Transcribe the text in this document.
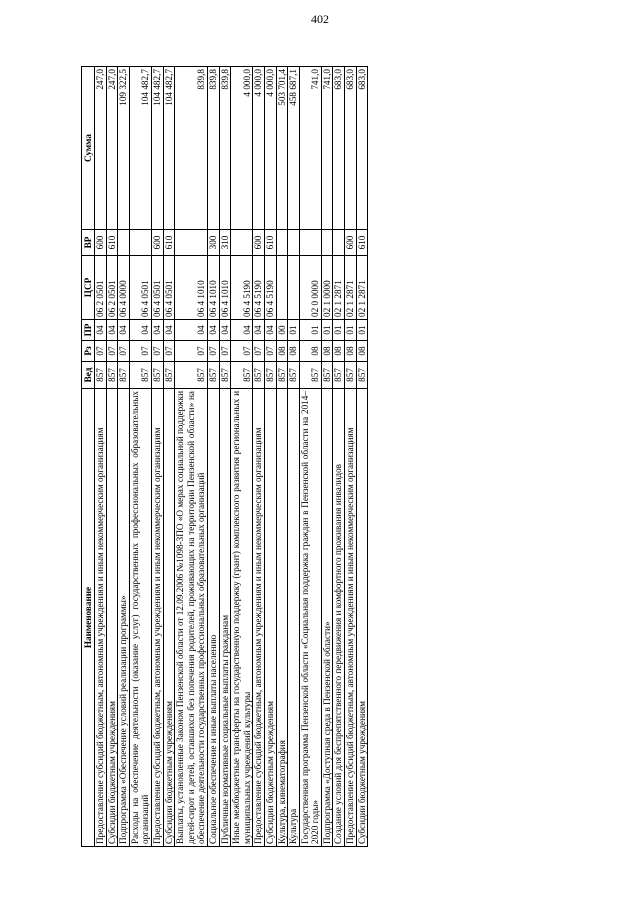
402
Наименование	Вед	Рз	ПР	ЦСР	ВР	Сумма
Предоставление субсидий бюджетным, автономным учреждениям и иным некоммерческим организациям	857	07	04	06 2 0501	600	247,0
Субсидии бюджетным учреждениям	857	07	04	06 2 0501	610	247,0
Подпрограмма «Обеспечение условий реализации программы»	857	07	04	06 4 0000		109 322,5
Расходы на обеспечение деятельности (оказание услуг) государственных профессиональных образовательных организаций	857	07	04	06 4 0501		104 482,7
Предоставление субсидий бюджетным, автономным учреждениям и иным некоммерческим организациям	857	07	04	06 4 0501	600	104 482,7
Субсидии бюджетным учреждениям	857	07	04	06 4 0501	610	104 482,7
Выплаты, установленные Законом Пензенской области от 12.09.2006 №1098-ЗПО «О мерах социальной поддержки детей-сирот и детей, оставшихся без попечения родителей, проживающих на территории Пензенской области» на обеспечение деятельности государственных профессиональных образовательных организаций	857	07	04	06 4 1010		839,8
Социальное обеспечение и иные выплаты населению	857	07	04	06 4 1010	300	839,8
Публичные нормативные социальные выплаты гражданам	857	07	04	06 4 1010	310	839,8
Иные межбюджетные трансферты на государственную поддержку (грант) комплексного развития региональных и муниципальных учреждений культуры	857	07	04	06 4 5190		4 000,0
Предоставление субсидий бюджетным, автономным учреждениям и иным некоммерческим организациям	857	07	04	06 4 5190	600	4 000,0
Субсидии бюджетным учреждениям	857	07	04	06 4 5190	610	4 000,0
Культура, кинематография	857	08	00			503 701,4
Культура	857	08	01			458 687,1
Государственная программа Пензенской области «Социальная поддержка граждан в Пензенской области на 2014–2020 годы»	857	08	01	02 0 0000		741,0
Подпрограмма «Доступная среда в Пензенской области»	857	08	01	02 1 0000		741,0
Создание условий для беспрепятственного передвижения и комфортного проживания инвалидов	857	08	01	02 1 2871		683,0
Предоставление субсидий бюджетным, автономным учреждениям и иным некоммерческим организациям	857	08	01	02 1 2871	600	683,0
Субсидии бюджетным учреждениям	857	08	01	02 1 2871	610	683,0
